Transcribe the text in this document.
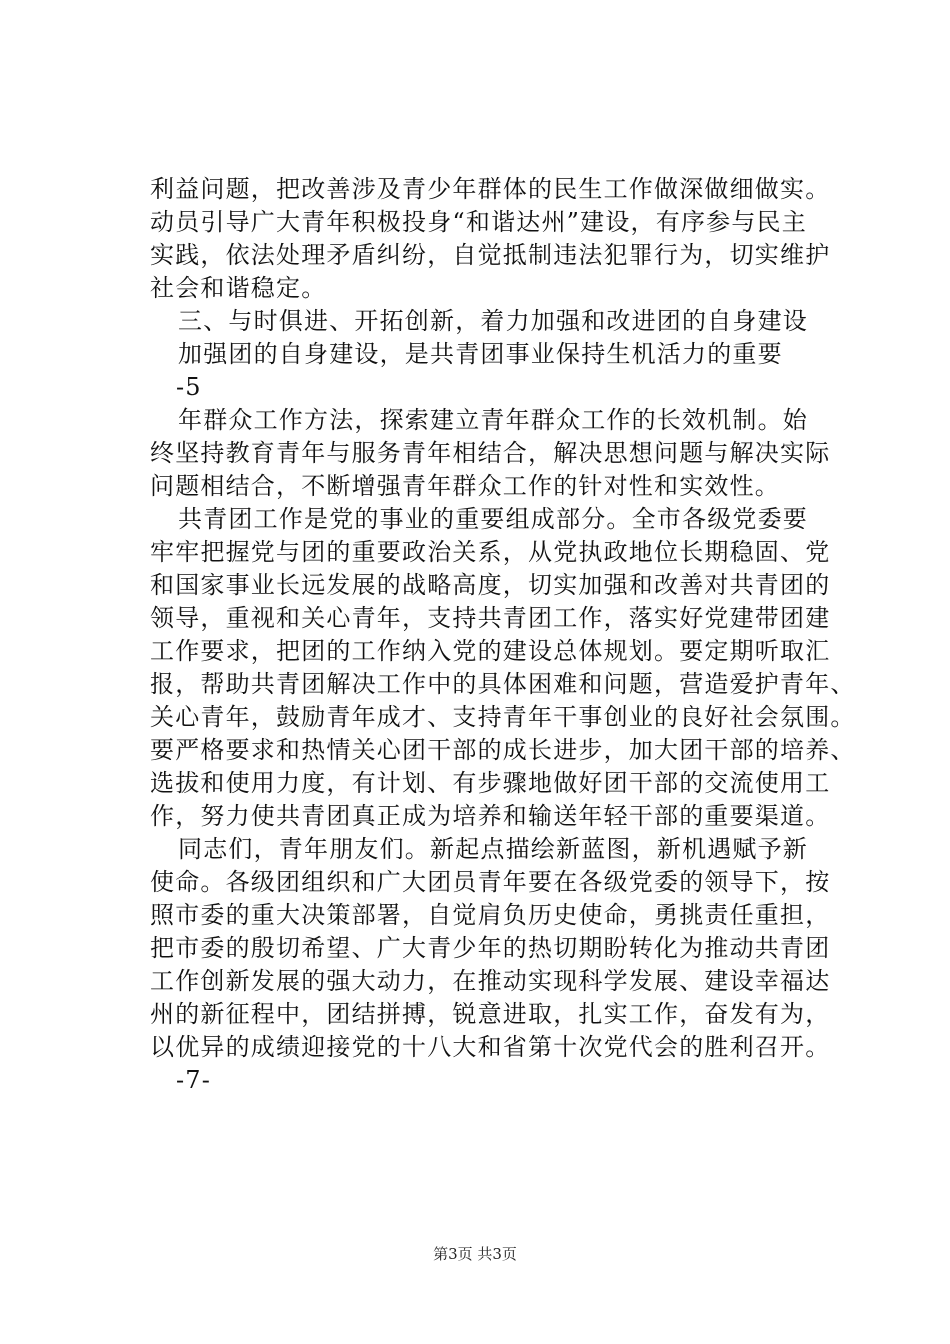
利益问题，把改善涉及青少年群体的民生工作做深做细做实。
动员引导广大青年积极投身“和谐达州”建设，有序参与民主
实践，依法处理矛盾纠纷，自觉抵制违法犯罪行为，切实维护
社会和谐稳定。
三、与时俱进、开拓创新，着力加强和改进团的自身建设
加强团的自身建设，是共青团事业保持生机活力的重要
-5
年群众工作方法，探索建立青年群众工作的长效机制。始
终坚持教育青年与服务青年相结合，解决思想问题与解决实际
问题相结合，不断增强青年群众工作的针对性和实效性。
共青团工作是党的事业的重要组成部分。全市各级党委要
牢牢把握党与团的重要政治关系，从党执政地位长期稳固、党
和国家事业长远发展的战略高度，切实加强和改善对共青团的
领导，重视和关心青年，支持共青团工作，落实好党建带团建
工作要求，把团的工作纳入党的建设总体规划。要定期听取汇
报，帮助共青团解决工作中的具体困难和问题，营造爱护青年、
关心青年，鼓励青年成才、支持青年干事创业的良好社会氛围。
要严格要求和热情关心团干部的成长进步，加大团干部的培养、
选拔和使用力度，有计划、有步骤地做好团干部的交流使用工
作，努力使共青团真正成为培养和输送年轻干部的重要渠道。
同志们，青年朋友们。新起点描绘新蓝图，新机遇赋予新
使命。各级团组织和广大团员青年要在各级党委的领导下，按
照市委的重大决策部署，自觉肩负历史使命，勇挑责任重担，
把市委的殷切希望、广大青少年的热切期盼转化为推动共青团
工作创新发展的强大动力，在推动实现科学发展、建设幸福达
州的新征程中，团结拼搏，锐意进取，扎实工作，奋发有为，
以优异的成绩迎接党的十八大和省第十次党代会的胜利召开。
-7-
第3页 共3页
